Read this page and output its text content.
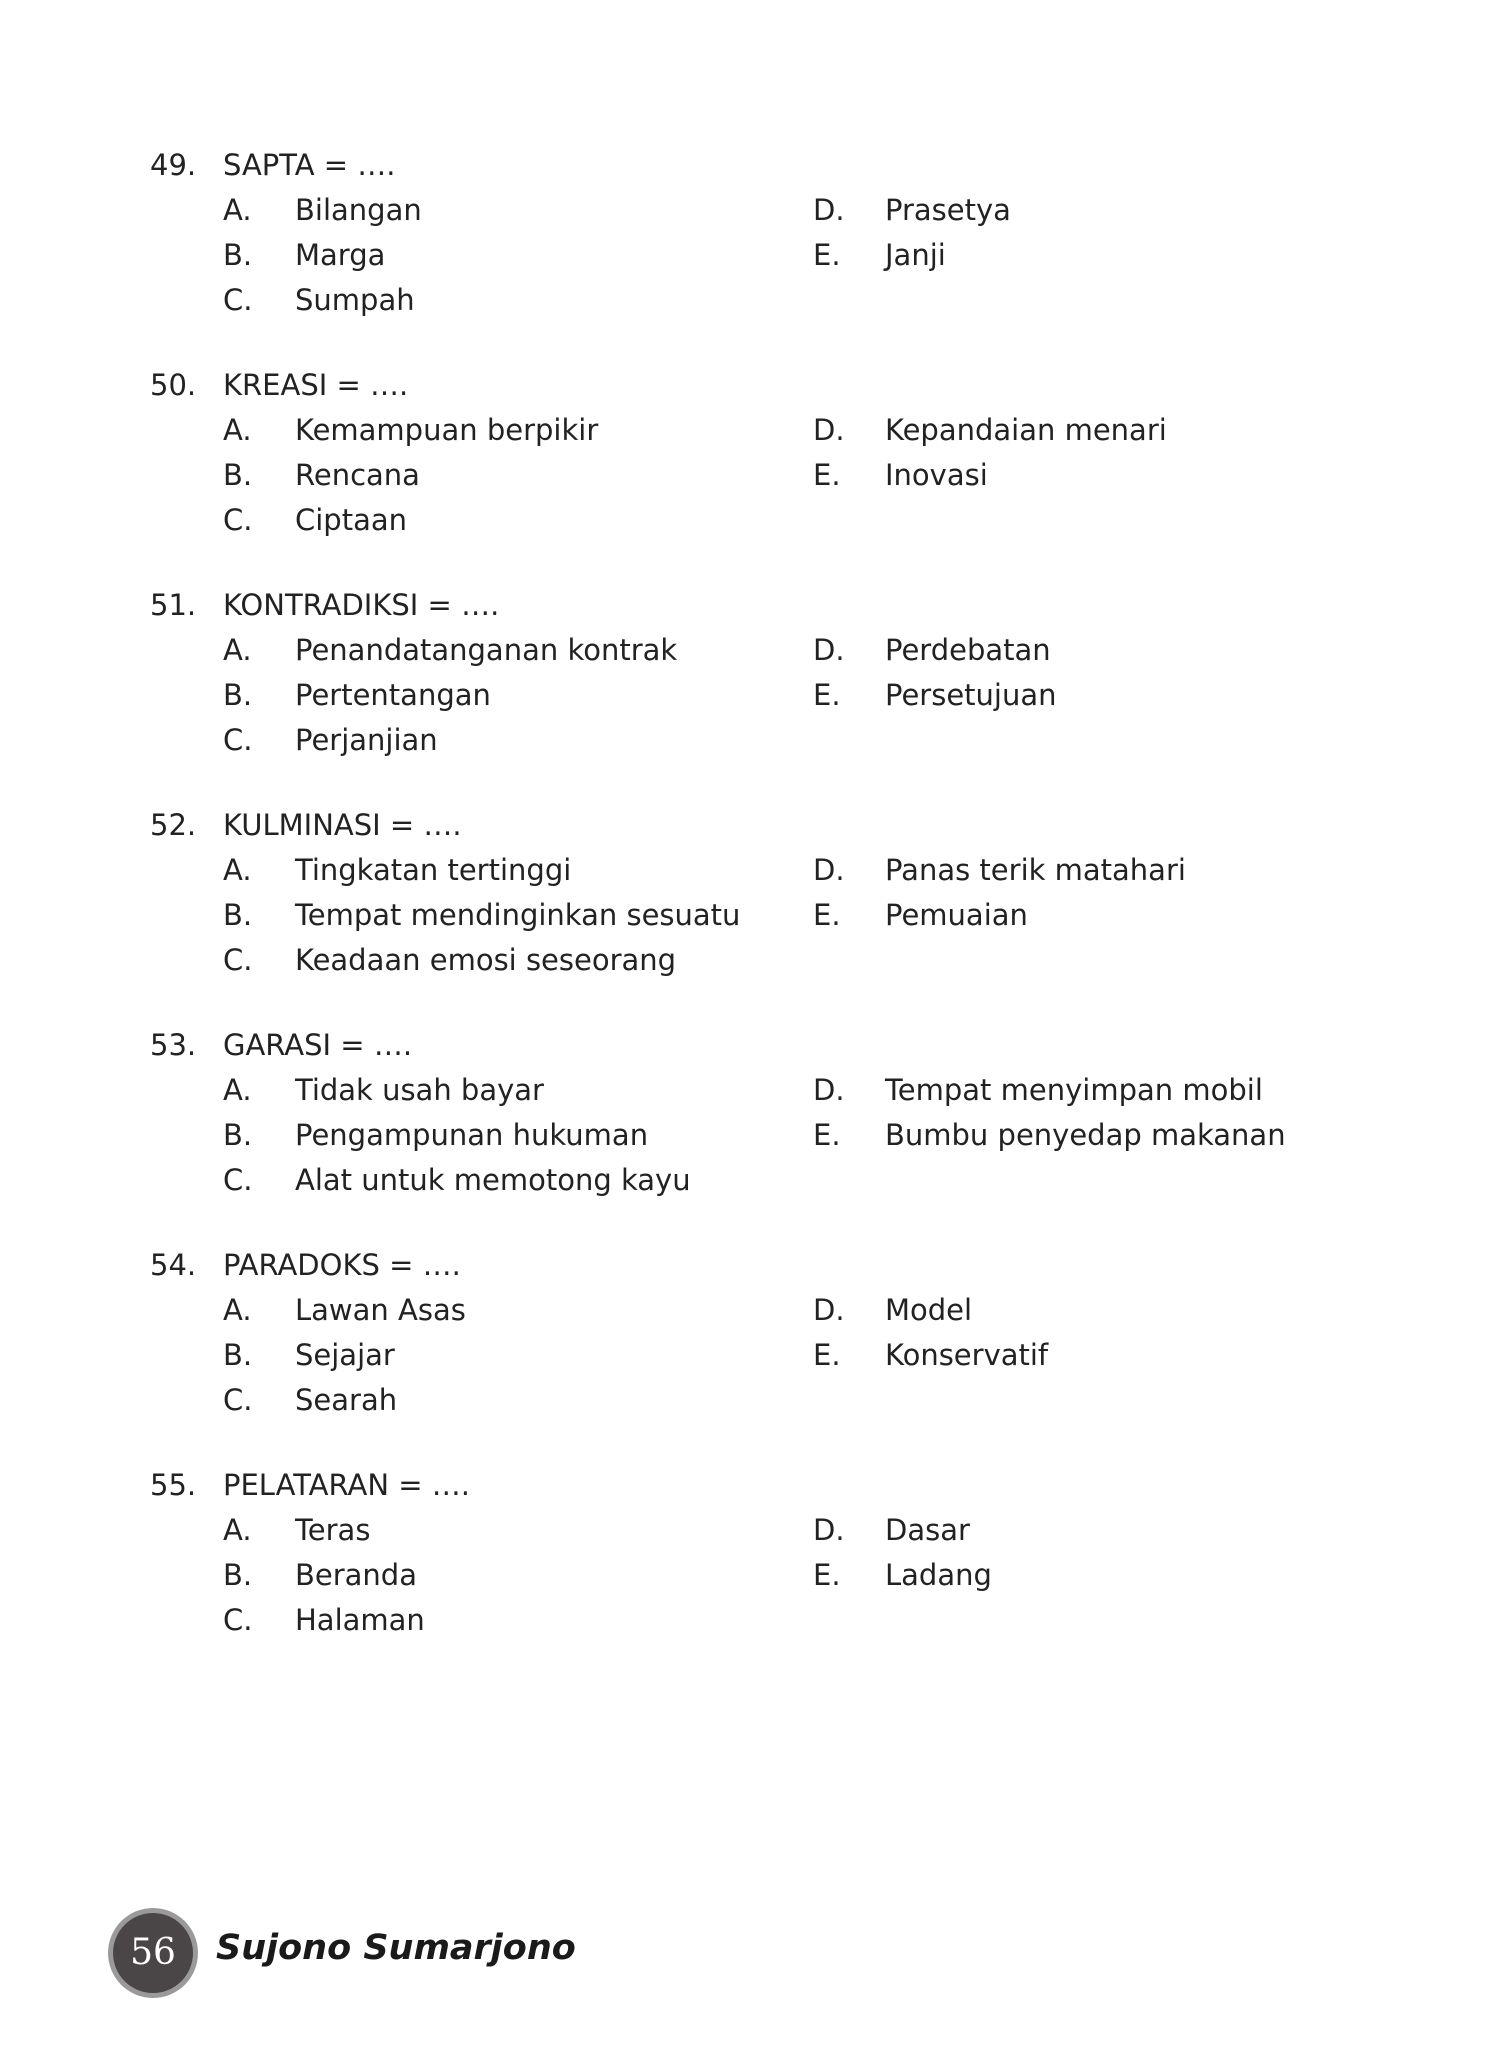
49. SAPTA = ….
A. Bilangan	D. Prasetya
B. Marga	E. Janji
C. Sumpah
50. KREASI = ….
A. Kemampuan berpikir	D. Kepandaian menari
B. Rencana	E. Inovasi
C. Ciptaan
51. KONTRADIKSI = ….
A. Penandatanganan kontrak	D. Perdebatan
B. Pertentangan	E. Persetujuan
C. Perjanjian
52. KULMINASI = ….
A. Tingkatan tertinggi	D. Panas terik matahari
B. Tempat mendinginkan sesuatu	E. Pemuaian
C. Keadaan emosi seseorang
53. GARASI = ….
A. Tidak usah bayar	D. Tempat menyimpan mobil
B. Pengampunan hukuman	E. Bumbu penyedap makanan
C. Alat untuk memotong kayu
54. PARADOKS = ….
A. Lawan Asas	D. Model
B. Sejajar	E. Konservatif
C. Searah
55. PELATARAN = ….
A. Teras	D. Dasar
B. Beranda	E. Ladang
C. Halaman
56	Sujono Sumarjono
